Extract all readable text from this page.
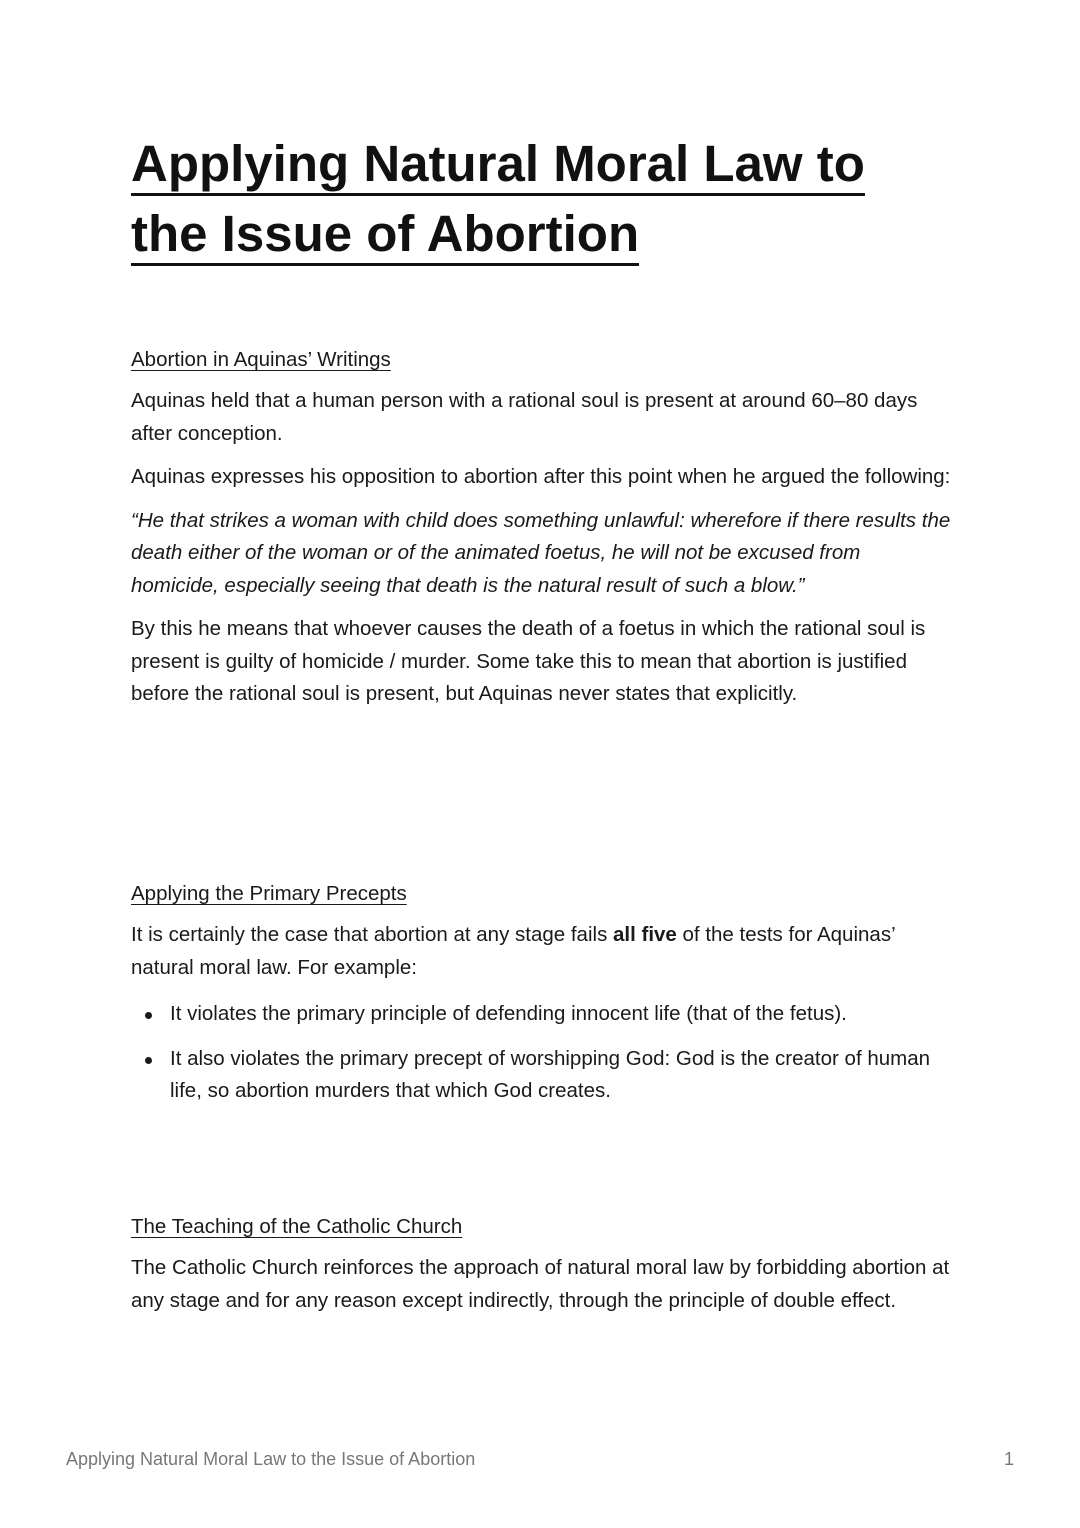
Applying Natural Moral Law to
the Issue of Abortion
Abortion in Aquinas’ Writings

Aquinas held that a human person with a rational soul is present at around 60–80 days after conception.

Aquinas expresses his opposition to abortion after this point when he argued the following:

“He that strikes a woman with child does something unlawful: wherefore if there results the death either of the woman or of the animated foetus, he will not be excused from homicide, especially seeing that death is the natural result of such a blow.”

By this he means that whoever causes the death of a foetus in which the rational soul is present is guilty of homicide / murder. Some take this to mean that abortion is justified before the rational soul is present, but Aquinas never states that explicitly.

Applying the Primary Precepts

It is certainly the case that abortion at any stage fails all five of the tests for Aquinas’ natural moral law. For example:

It violates the primary principle of defending innocent life (that of the fetus).
It also violates the primary precept of worshipping God: God is the creator of human life, so abortion murders that which God creates.
The Teaching of the Catholic Church

The Catholic Church reinforces the approach of natural moral law by forbidding abortion at any stage and for any reason except indirectly, through the principle of double effect.

Applying Natural Moral Law to the Issue of Abortion	1
